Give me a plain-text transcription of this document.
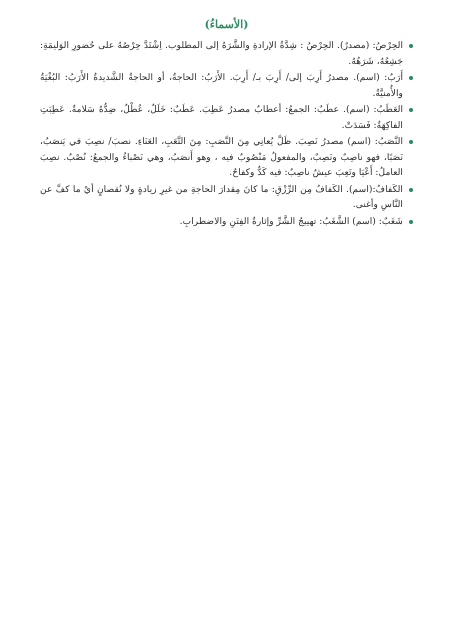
(الأسماءُ)
الحِرْصُ: (مصدرٌ). الحِرْصُ : شِدَّةُ الإرادةِ والشَّرَهُ إلى المطلوب. اِشْتَدَّ حِرْصُهُ على حُضورِ الوَليمَةِ: جَشِعُهُ، شَرَهُهُ.
أَرَبٌ: (اسم). مصدرُ أَرِبَ إلى/ أَرِبَ بـ/ أَرِبَ. الأَرَبُ: الحاجةُ، أو الحاجةُ الشَّديدةُ الأَرَبُ: البُغْيَةُ والأُمنيَّةُ.
العَطَبُ: (اسم). عطَبٌ: الجمعُ: أعطابٌ مصدرُ عَطِبَ. عَطَبٌ: خَلَلٌ، عُطْلٌ، ضِدُّهُ سَلامةٌ. عَطِبَتِ الفاكِهَةُ: فَسَدَتْ.
النَّصَبُ: (اسم) مصدرُ نَصِبَ. ظَلَّ يُعانِي مِنَ النَّصَبِ: مِنَ التَّعَبِ، العَنَاءِ. نصبَ/ نصِبَ في يَنصَبُ، نَصَبًا، فهو ناصِبٌ ونَصِبٌ، والمفعولُ مَنْصُوبٌ فيه ، وهو أَنصَبُ، وهي نَصْباءُ والجمعُ: نُصْبٌ. نصِبَ العاملُ: أَعْيَا وتَعِبَ عيشٌ ناصِبٌ: فيه كَدٌّ وكفاحٌ.
الكَفافُ:(اسم). الكَفافُ مِن الرِّزْقِ: ما كانَ مِقدارَ الحاجةِ من غيرِ زيادةٍ ولا نُقصانٍ أيْ ما كفَّ عن النَّاسِ وأغنى.
شَغَبٌ: (اسم) الشَّغَبُ: تهييجُ الشَّرِّ وإثارةُ الفِتَنِ والاضطرابِ.
